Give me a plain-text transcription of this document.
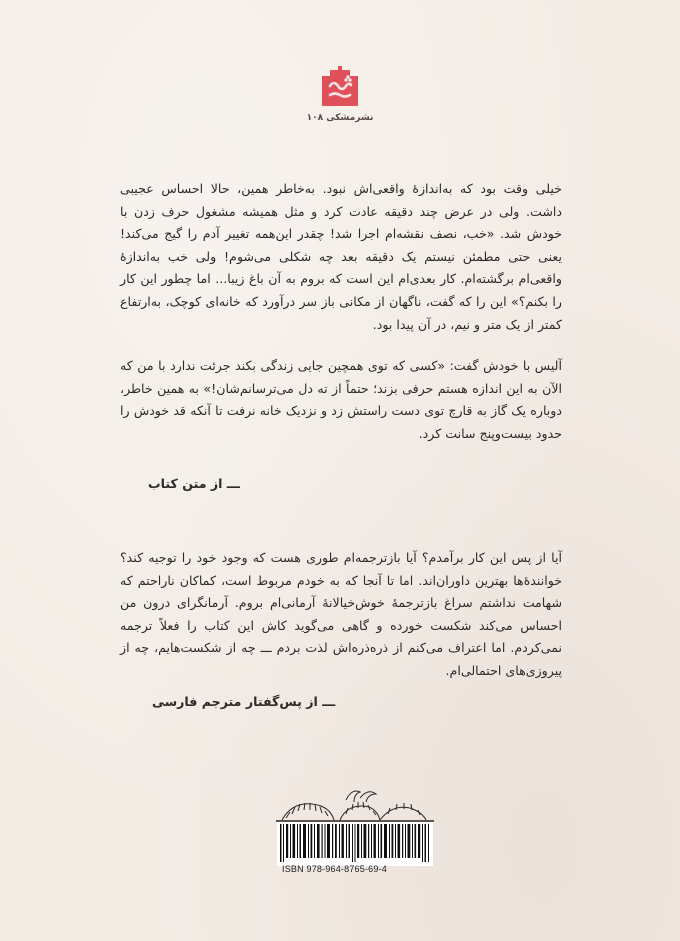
نشرمشکی ۱۰۸

خیلی وقت بود که به‌اندازهٔ واقعی‌اش نبود. به‌خاطر همین، حالا احساس عجیبی داشت. ولی در عرض چند دقیقه عادت کرد و مثل همیشه مشغول حرف زدن با خودش شد. «خب، نصف نقشه‌ام اجرا شد! چقدر این‌همه تغییر آدم را گیج می‌کند! یعنی حتی مطمئن نیستم یک دقیقه بعد چه شکلی می‌شوم! ولی خب به‌اندازهٔ واقعی‌ام برگشته‌ام. کار بعدی‌ام این است که بروم به آن باغ زیبا... اما چطور این کار را بکنم؟» این را که گفت، ناگهان از مکانی باز سر درآورد که خانه‌ای کوچک، به‌ارتفاع کمتر از یک متر و نیم، در آن پیدا بود.

آلیس با خودش گفت: «کسی که توی همچین جایی زندگی بکند جرئت ندارد با من که الآن به این اندازه هستم حرفی بزند؛ حتماً از ته دل می‌ترسانم‌شان!» به همین خاطر، دوباره یک گاز به قارچ توی دست راستش زد و نزدیک خانه نرفت تا آنکه قد خودش را حدود بیست‌وپنج سانت کرد.

ـــ از متن کتاب

آیا از پس این کار برآمدم؟ آیا بازترجمه‌ام طوری هست که وجود خود را توجیه کند؟ خوانندهٔ‌ها بهترین داوران‌اند. اما تا آنجا که به خودم مربوط است، کماکان ناراحتم که شهامت نداشتم سراغ بازترجمهٔ خوش‌خیالانهٔ آرمانی‌ام بروم. آرمانگرای درون من احساس می‌کند شکست خورده و گاهی می‌گوید کاش این کتاب را فعلاً ترجمه نمی‌کردم. اما اعتراف می‌کنم از ذره‌ذره‌اش لذت بردم ـــ چه از شکست‌هایم، چه از پیروزی‌های احتمالی‌ام.

ـــ از پس‌گفتار مترجم فارسی
ISBN 978-964-8765-69-4
